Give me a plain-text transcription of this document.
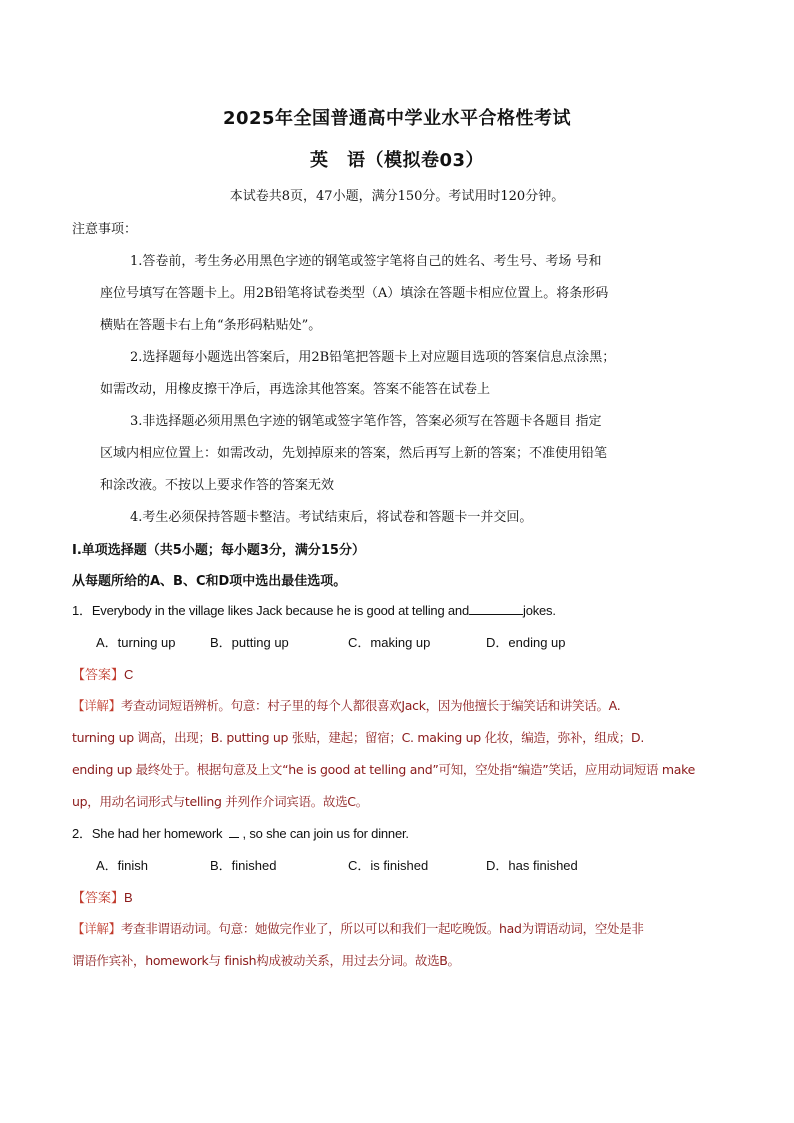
2025年全国普通高中学业水平合格性考试
英　语（模拟卷03）
本试卷共8页，47小题，满分150分。考试用时120分钟。
注意事项：
1.答卷前，考生务必用黑色字迹的钢笔或签字笔将自己的姓名、考生号、考场 号和
座位号填写在答题卡上。用2B铅笔将试卷类型（A）填涂在答题卡相应位置上。将条形码
横贴在答题卡右上角“条形码粘贴处”。
2.选择题每小题选出答案后，用2B铅笔把答题卡上对应题目选项的答案信息点涂黑；
如需改动，用橡皮擦干净后，再选涂其他答案。答案不能答在试卷上
3.非选择题必须用黑色字迹的钢笔或签字笔作答，答案必须写在答题卡各题目 指定
区域内相应位置上：如需改动，先划掉原来的答案，然后再写上新的答案；不准使用铅笔
和涂改液。不按以上要求作答的答案无效
4.考生必须保持答题卡整洁。考试结束后，将试卷和答题卡一并交回。
I.单项选择题（共5小题；每小题3分，满分15分）
从每题所给的A、B、C和D项中选出最佳选项。
1．Everybody in the village likes Jack because he is good at telling and	jokes.
A．turning up	B．putting up	C．making up	D．ending up
【答案】C
【详解】考查动词短语辨析。句意：村子里的每个人都很喜欢Jack，因为他擅长于编笑话和讲笑话。A.
turning up 调高，出现；B. putting up 张贴，建起；留宿；C. making up 化妆，编造，弥补，组成；D.
ending up 最终处于。根据句意及上文“he is good at telling and”可知，空处指“编造”笑话，应用动词短语 make
up，用动名词形式与telling 并列作介词宾语。故选C。
2．She had her homework , so she can join us for dinner.
A．finish	B．finished	C．is finished	D．has finished
【答案】B
【详解】考查非谓语动词。句意：她做完作业了，所以可以和我们一起吃晚饭。had为谓语动词，空处是非
谓语作宾补，homework与 finish构成被动关系，用过去分词。故选B。
